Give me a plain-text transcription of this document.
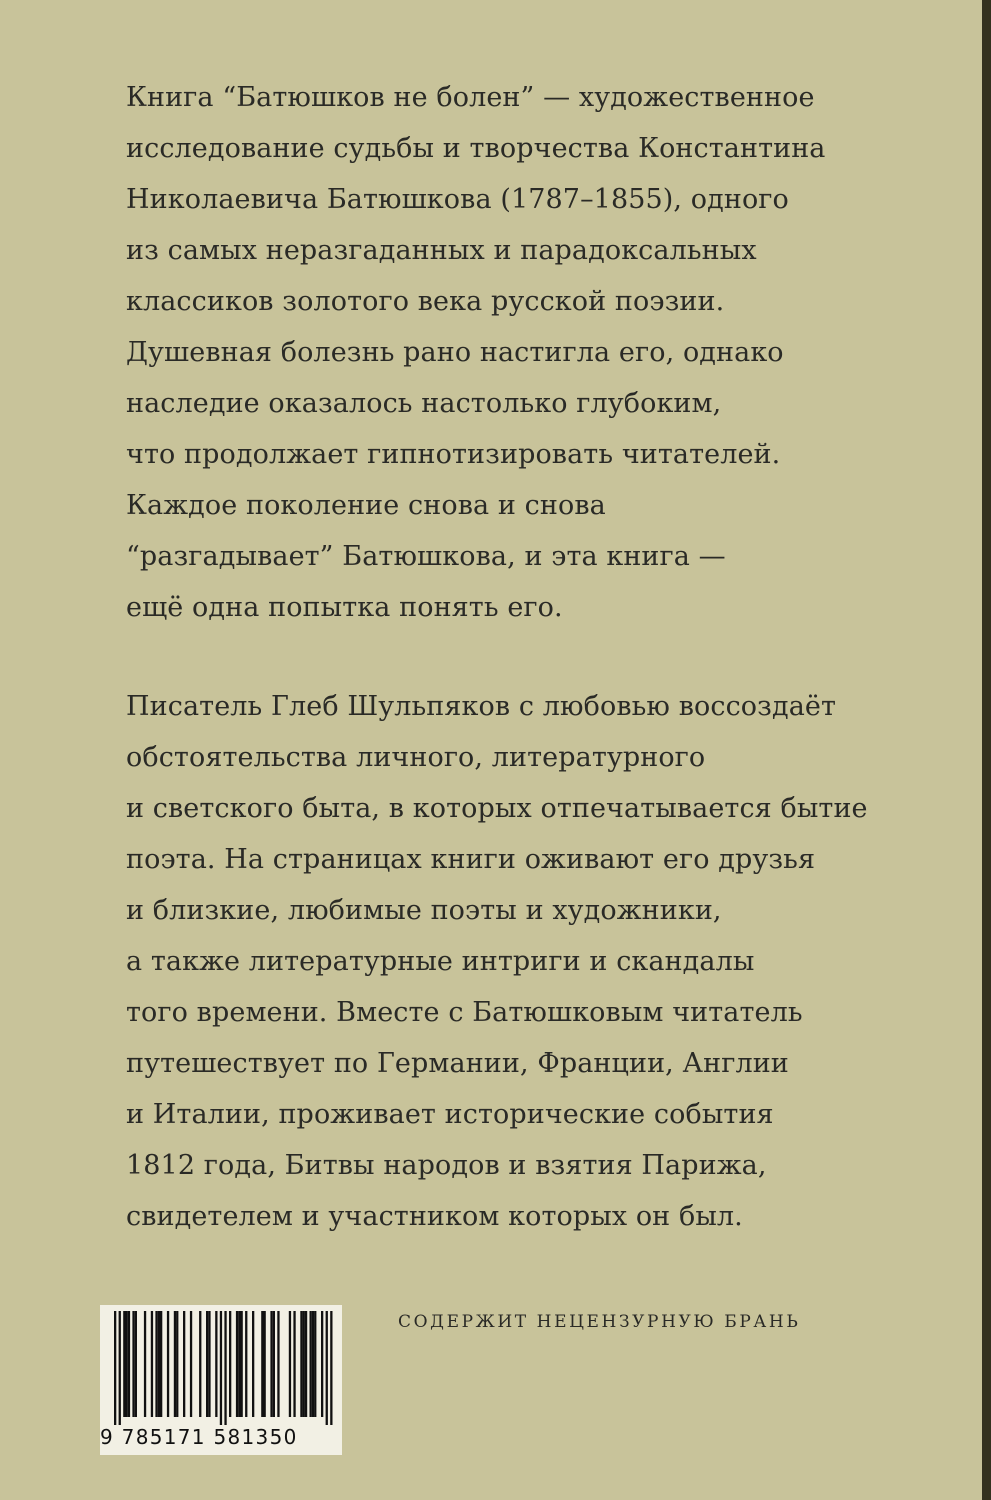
Книга “Батюшков не болен” — художественное
исследование судьбы и творчества Константина
Николаевича Батюшкова (1787–1855), одного
из самых неразгаданных и парадоксальных
классиков золотого века русской поэзии.
Душевная болезнь рано настигла его, однако
наследие оказалось настолько глубоким,
что продолжает гипнотизировать читателей.
Каждое поколение снова и снова
“разгадывает” Батюшкова, и эта книга —
ещё одна попытка понять его.
Писатель Глеб Шульпяков с любовью воссоздаёт
обстоятельства личного, литературного
и светского быта, в которых отпечатывается бытие
поэта. На страницах книги оживают его друзья
и близкие, любимые поэты и художники,
а также литературные интриги и скандалы
того времени. Вместе с Батюшковым читатель
путешествует по Германии, Франции, Англии
и Италии, проживает исторические события
1812 года, Битвы народов и взятия Парижа,
свидетелем и участником которых он был.
9 785171 581350
СОДЕРЖИТ НЕЦЕНЗУРНУЮ БРАНЬ
